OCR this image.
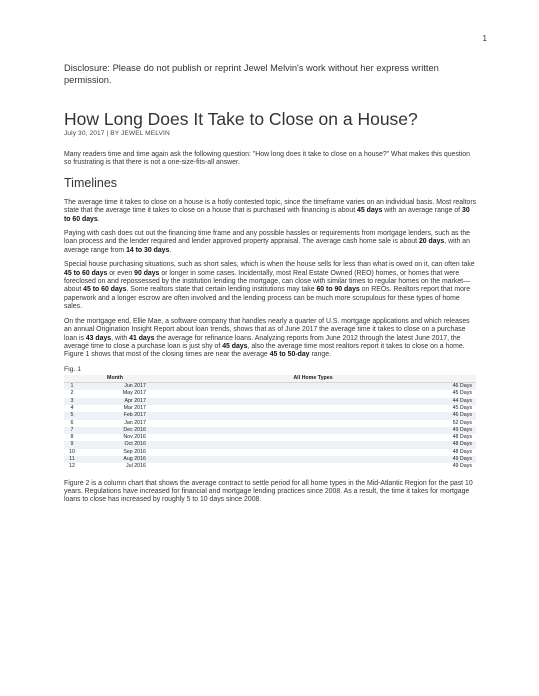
1

Disclosure: Please do not publish or reprint Jewel Melvin's work without her express written permission.

How Long Does It Take to Close on a House?
July 30, 2017 | BY JEWEL MELVIN

Many readers time and time again ask the following question: "How long does it take to close on a house?" What makes this question so frustrating is that there is not a one-size-fits-all answer.

Timelines

The average time it takes to close on a house is a hotly contested topic, since the timeframe varies on an individual basis. Most realtors state that the average time it takes to close on a house that is purchased with financing is about 45 days with an average range of 30 to 60 days.

Paying with cash does cut out the financing time frame and any possible hassles or requirements from mortgage lenders, such as the loan process and the lender required and lender approved property appraisal. The average cash home sale is about 20 days, with an average range from 14 to 30 days.

Special house purchasing situations, such as short sales, which is when the house sells for less than what is owed on it, can often take 45 to 60 days or even 90 days or longer in some cases. Incidentally, most Real Estate Owned (REO) homes, or homes that were foreclosed on and repossessed by the institution lending the mortgage, can close with similar times to regular homes on the market—about 45 to 60 days. Some realtors state that certain lending institutions may take 60 to 90 days on REOs. Realtors report that more paperwork and a longer escrow are often involved and the lending process can be much more scrupulous for these types of home sales.

On the mortgage end, Ellie Mae, a software company that handles nearly a quarter of U.S. mortgage applications and which releases an annual Origination Insight Report about loan trends, shows that as of June 2017 the average time it takes to close on a purchase loan is 43 days, with 41 days the average for refinance loans. Analyzing reports from June 2012 through the latest June 2017, the average time to close a purchase loan is just shy of 45 days, also the average time most realtors report it takes to close on a home. Figure 1 shows that most of the closing times are near the average 45 to 50-day range.

Fig. 1
	Month	All Home Types
1	Jun 2017	46 Days
2	May 2017	45 Days
3	Apr 2017	44 Days
4	Mar 2017	45 Days
5	Feb 2017	46 Days
6	Jan 2017	52 Days
7	Dec 2016	49 Days
8	Nov 2016	48 Days
9	Oct 2016	48 Days
10	Sep 2016	48 Days
11	Aug 2016	49 Days
12	Jul 2016	49 Days

Figure 2 is a column chart that shows the average contract to settle period for all home types in the Mid-Atlantic Region for the past 10 years. Regulations have increased for financial and mortgage lending practices since 2008. As a result, the time it takes for mortgage loans to close has increased by roughly 5 to 10 days since 2008.
